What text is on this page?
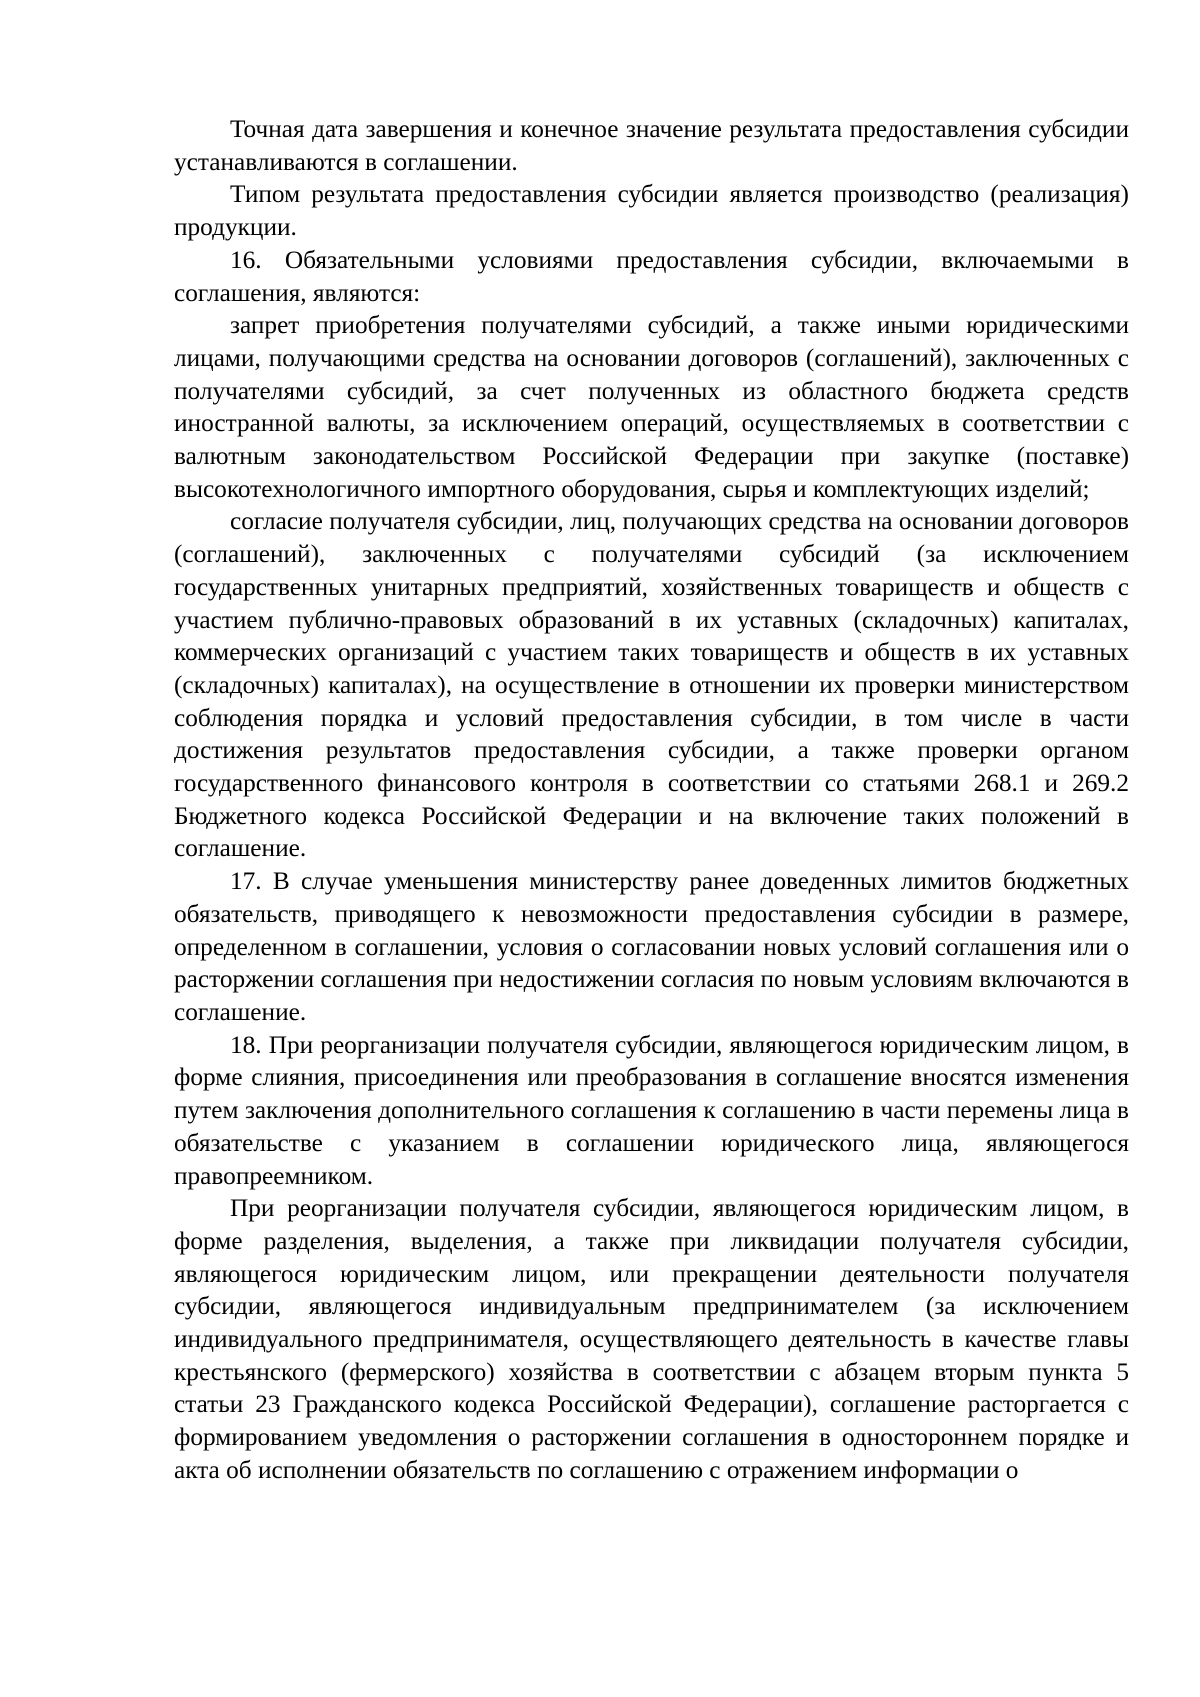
Точная дата завершения и конечное значение результата предоставления субсидии устанавливаются в соглашении.

Типом результата предоставления субсидии является производство (реализация) продукции.

16. Обязательными условиями предоставления субсидии, включаемыми в соглашения, являются:

запрет приобретения получателями субсидий, а также иными юридическими лицами, получающими средства на основании договоров (соглашений), заключенных с получателями субсидий, за счет полученных из областного бюджета средств иностранной валюты, за исключением операций, осуществляемых в соответствии с валютным законодательством Российской Федерации при закупке (поставке) высокотехнологичного импортного оборудования, сырья и комплектующих изделий;

согласие получателя субсидии, лиц, получающих средства на основании договоров (соглашений), заключенных с получателями субсидий (за исключением государственных унитарных предприятий, хозяйственных товариществ и обществ с участием публично-правовых образований в их уставных (складочных) капиталах, коммерческих организаций с участием таких товариществ и обществ в их уставных (складочных) капиталах), на осуществление в отношении их проверки министерством соблюдения порядка и условий предоставления субсидии, в том числе в части достижения результатов предоставления субсидии, а также проверки органом государственного финансового контроля в соответствии со статьями 268.1 и 269.2 Бюджетного кодекса Российской Федерации и на включение таких положений в соглашение.

17. В случае уменьшения министерству ранее доведенных лимитов бюджетных обязательств, приводящего к невозможности предоставления субсидии в размере, определенном в соглашении, условия о согласовании новых условий соглашения или о расторжении соглашения при недостижении согласия по новым условиям включаются в соглашение.

18. При реорганизации получателя субсидии, являющегося юридическим лицом, в форме слияния, присоединения или преобразования в соглашение вносятся изменения путем заключения дополнительного соглашения к соглашению в части перемены лица в обязательстве с указанием в соглашении юридического лица, являющегося правопреемником.

При реорганизации получателя субсидии, являющегося юридическим лицом, в форме разделения, выделения, а также при ликвидации получателя субсидии, являющегося юридическим лицом, или прекращении деятельности получателя субсидии, являющегося индивидуальным предпринимателем (за исключением индивидуального предпринимателя, осуществляющего деятельность в качестве главы крестьянского (фермерского) хозяйства в соответствии с абзацем вторым пункта 5 статьи 23 Гражданского кодекса Российской Федерации), соглашение расторгается с формированием уведомления о расторжении соглашения в одностороннем порядке и акта об исполнении обязательств по соглашению с отражением информации о
